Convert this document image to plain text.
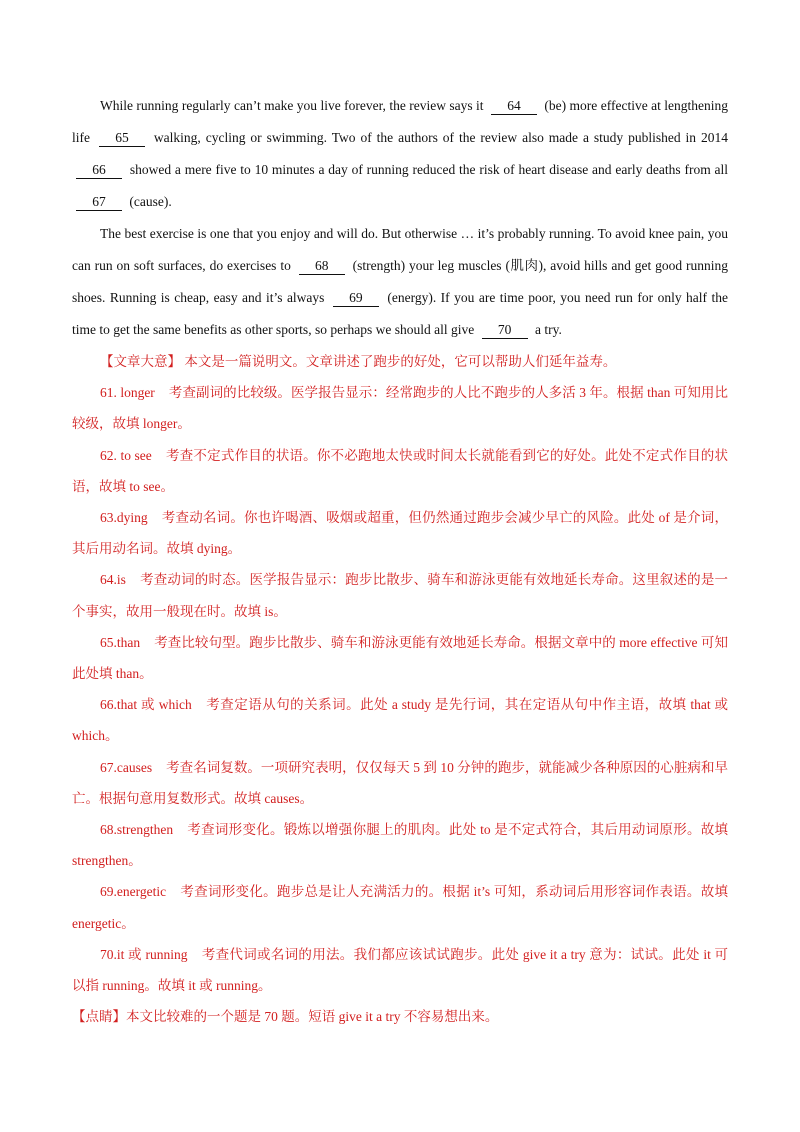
While running regularly can’t make you live forever, the review says it 64 (be) more effective at lengthening life 65 walking, cycling or swimming. Two of the authors of the review also made a study published in 2014 66 showed a mere five to 10 minutes a day of running reduced the risk of heart disease and early deaths from all 67 (cause).

The best exercise is one that you enjoy and will do. But otherwise … it’s probably running. To avoid knee pain, you can run on soft surfaces, do exercises to 68 (strength) your leg muscles (肌肉), avoid hills and get good running shoes. Running is cheap, easy and it’s always 69 (energy). If you are time poor, you need run for only half the time to get the same benefits as other sports, so perhaps we should all give 70 a try.

【文章大意】 本文是一篇说明文。文章讲述了跑步的好处，它可以帮助人们延年益寿。

61. longer 考查副词的比较级。医学报告显示：经常跑步的人比不跑步的人多活 3 年。根据 than 可知用比较级，故填 longer。

62. to see 考查不定式作目的状语。你不必跑地太快或时间太长就能看到它的好处。此处不定式作目的状语，故填 to see。

63.dying 考查动名词。你也许喝酒、吸烟或超重，但仍然通过跑步会减少早亡的风险。此处 of 是介词，其后用动名词。故填 dying。

64.is 考查动词的时态。医学报告显示：跑步比散步、骑车和游泳更能有效地延长寿命。这里叙述的是一个事实，故用一般现在时。故填 is。

65.than 考查比较句型。跑步比散步、骑车和游泳更能有效地延长寿命。根据文章中的 more effective 可知此处填 than。

66.that 或 which 考查定语从句的关系词。此处 a study 是先行词，其在定语从句中作主语，故填 that 或 which。

67.causes 考查名词复数。一项研究表明，仅仅每天 5 到 10 分钟的跑步，就能减少各种原因的心脏病和早亡。根据句意用复数形式。故填 causes。

68.strengthen 考查词形变化。锻炼以增强你腿上的肌肉。此处 to 是不定式符合，其后用动词原形。故填 strengthen。

69.energetic 考查词形变化。跑步总是让人充满活力的。根据 it’s 可知，系动词后用形容词作表语。故填 energetic。

70.it 或 running 考查代词或名词的用法。我们都应该试试跑步。此处 give it a try 意为：试试。此处 it 可以指 running。故填 it 或 running。

【点睛】本文比较难的一个题是 70 题。短语 give it a try 不容易想出来。
